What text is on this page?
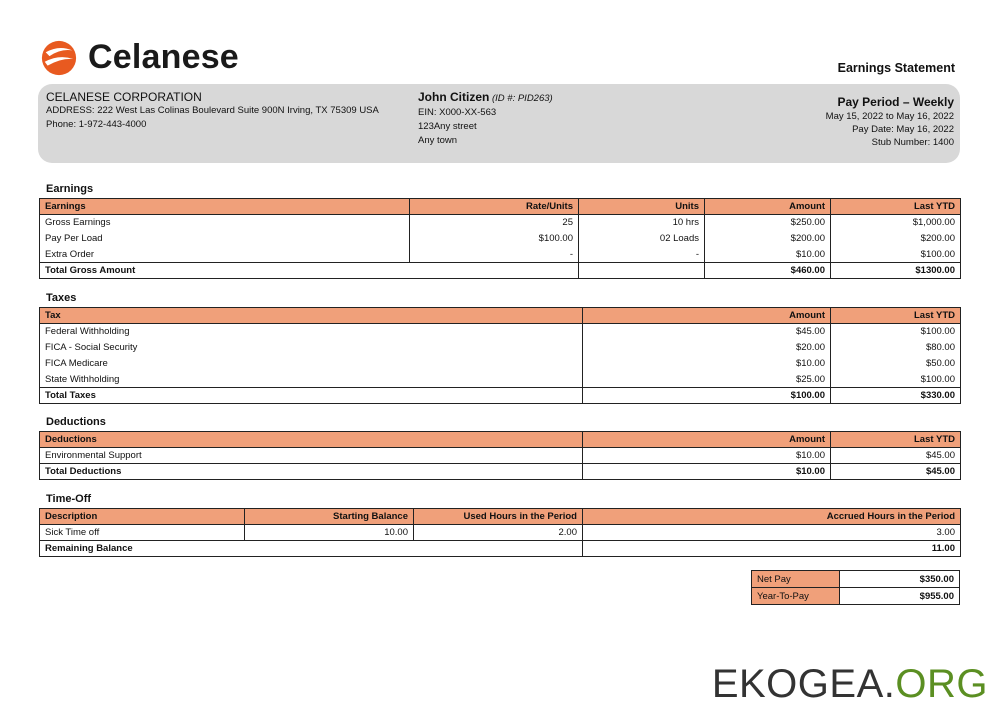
Celanese	Earnings Statement
CELANESE CORPORATION
ADDRESS: 222 West Las Colinas Boulevard Suite 900N Irving, TX 75309 USA
Phone: 1-972-443-4000
John Citizen (ID #: PID263)
EIN: X000-XX-563
123Any street
Any town
Pay Period – Weekly
May 15, 2022 to May 16, 2022
Pay Date: May 16, 2022
Stub Number: 1400
Earnings
Earnings	Rate/Units	Units	Amount	Last YTD
Gross Earnings	25	10 hrs	$250.00	$1,000.00
Pay Per Load	$100.00	02 Loads	$200.00	$200.00
Extra Order	-	-	$10.00	$100.00
Total Gross Amount			$460.00	$1300.00
Taxes
Tax	Amount	Last YTD
Federal Withholding	$45.00	$100.00
FICA - Social Security	$20.00	$80.00
FICA Medicare	$10.00	$50.00
State Withholding	$25.00	$100.00
Total Taxes	$100.00	$330.00
Deductions
Deductions	Amount	Last YTD
Environmental Support	$10.00	$45.00
Total Deductions	$10.00	$45.00
Time-Off
Description	Starting Balance	Used Hours in the Period	Accrued Hours in the Period
Sick Time off	10.00	2.00	3.00
Remaining Balance			11.00
Net Pay	$350.00
Year-To-Pay	$955.00
EKOGEA.ORG
